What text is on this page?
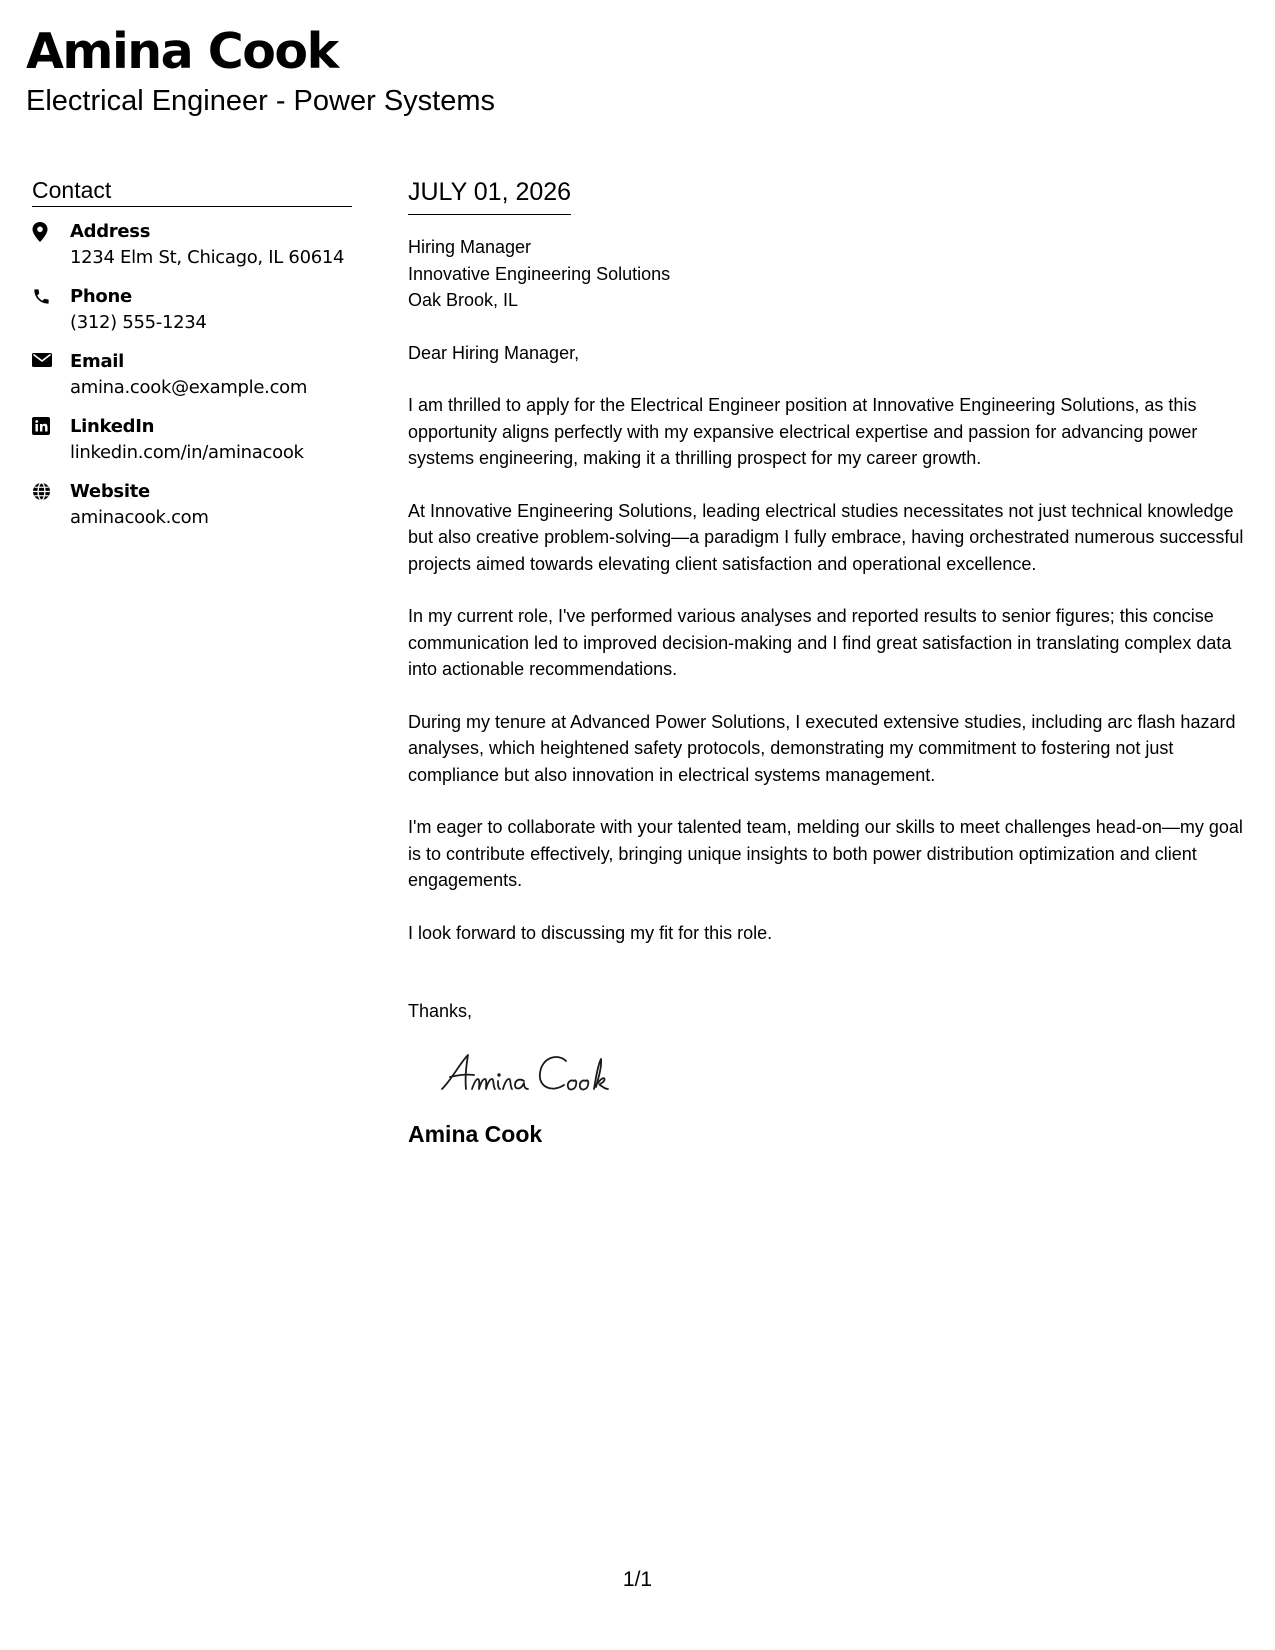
Amina Cook
Electrical Engineer - Power Systems
Contact
Address
1234 Elm St, Chicago, IL 60614
Phone
(312) 555-1234
Email
amina.cook@example.com
LinkedIn
linkedin.com/in/aminacook
Website
aminacook.com
JULY 01, 2026
Hiring Manager
Innovative Engineering Solutions
Oak Brook, IL
Dear Hiring Manager,
I am thrilled to apply for the Electrical Engineer position at Innovative Engineering Solutions, as this opportunity aligns perfectly with my expansive electrical expertise and passion for advancing power systems engineering, making it a thrilling prospect for my career growth.
At Innovative Engineering Solutions, leading electrical studies necessitates not just technical knowledge but also creative problem-solving—a paradigm I fully embrace, having orchestrated numerous successful projects aimed towards elevating client satisfaction and operational excellence.
In my current role, I've performed various analyses and reported results to senior figures; this concise communication led to improved decision-making and I find great satisfaction in translating complex data into actionable recommendations.
During my tenure at Advanced Power Solutions, I executed extensive studies, including arc flash hazard analyses, which heightened safety protocols, demonstrating my commitment to fostering not just compliance but also innovation in electrical systems management.
I'm eager to collaborate with your talented team, melding our skills to meet challenges head-on—my goal is to contribute effectively, bringing unique insights to both power distribution optimization and client engagements.
I look forward to discussing my fit for this role.
Thanks,
Amina Cook
1/1
